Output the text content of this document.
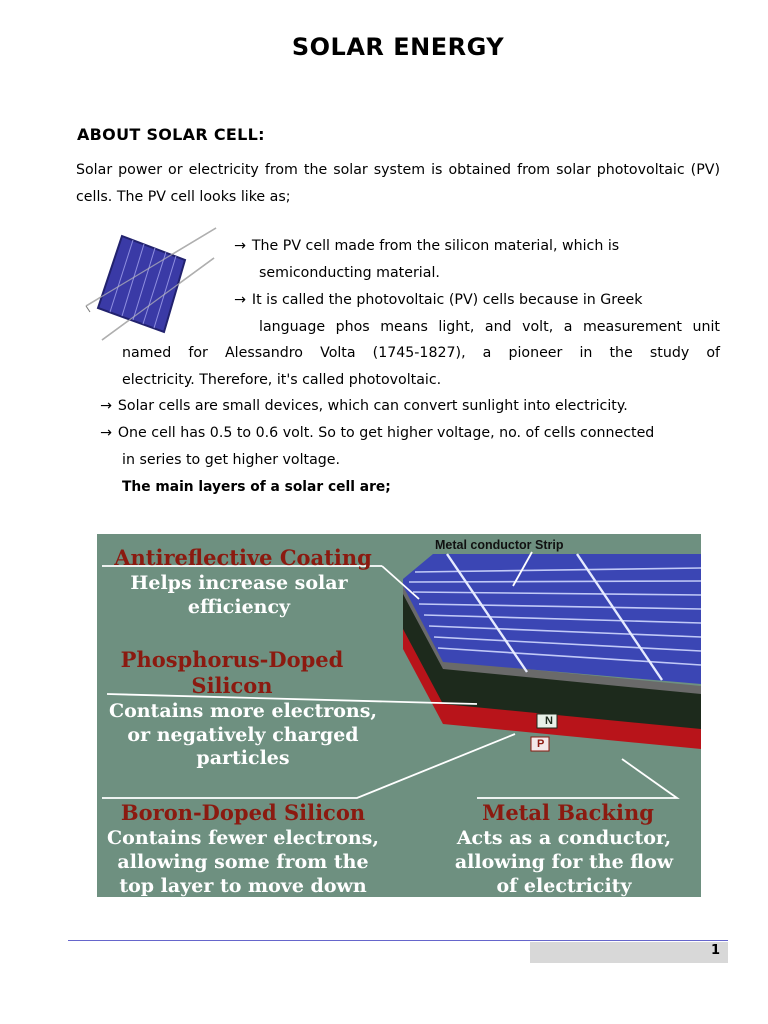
SOLAR ENERGY
ABOUT SOLAR CELL:
Solar power or electricity from the solar system is obtained from solar photovoltaic (PV) cells. The PV cell looks like as;
→ The PV cell made from the silicon material, which is
semiconducting material.
→ It is called the photovoltaic (PV) cells because in Greek
language phos means light, and volt, a measurement unit
named for Alessandro Volta (1745-1827), a pioneer in the study of
electricity. Therefore, it's called photovoltaic.
→ Solar cells are small devices, which can convert sunlight into electricity.
→ One cell has 0.5 to 0.6 volt. So to get higher voltage, no. of cells connected
in series to get higher voltage.
The main layers of a solar cell are;
Metal conductor Strip
N
P
Antireflective Coating
Helps increase solar
efficiency
Phosphorus-Doped
Silicon
Contains more electrons,
or negatively charged
particles
Boron-Doped Silicon
Contains fewer electrons,
allowing some from the
top layer to move down
Metal Backing
Acts as a conductor,
allowing for the flow
of electricity
1
